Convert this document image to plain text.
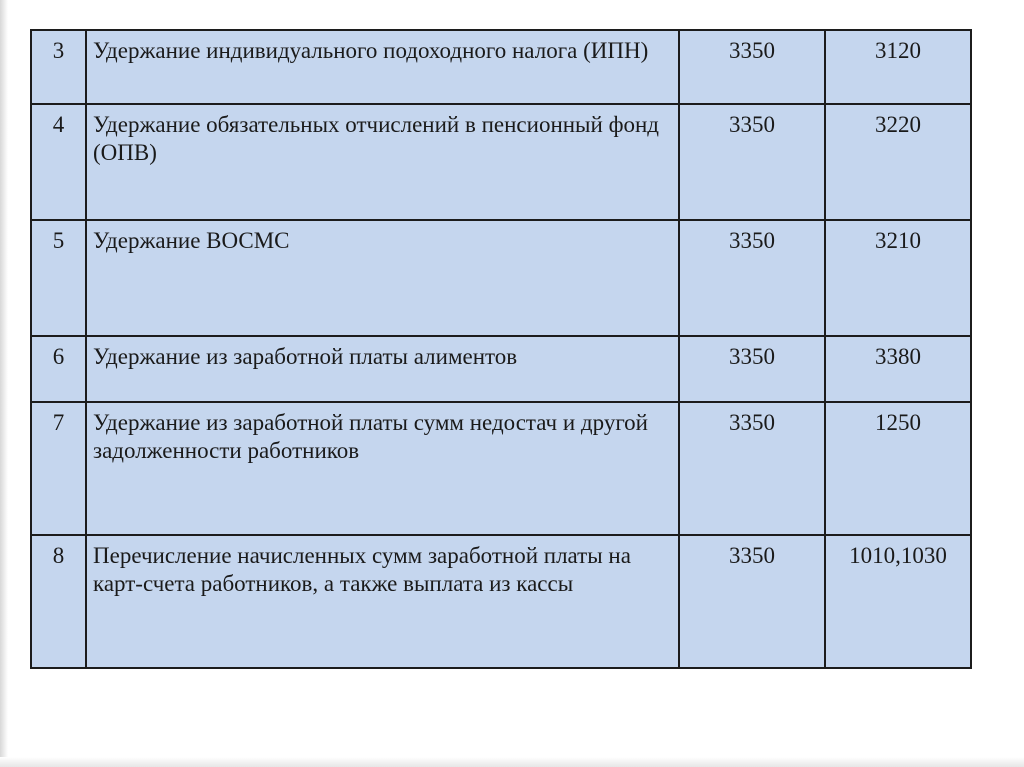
3	Удержание индивидуального подоходного налога (ИПН)	3350	3120
4	Удержание обязательных отчислений в пенсионный фонд (ОПВ)	3350	3220
5	Удержание ВОСМС	3350	3210
6	Удержание из заработной платы алиментов	3350	3380
7	Удержание из заработной платы сумм недостач и другой задолженности работников	3350	1250
8	Перечисление начисленных сумм заработной платы на карт-счета работников, а также выплата из кассы	3350	1010,1030
